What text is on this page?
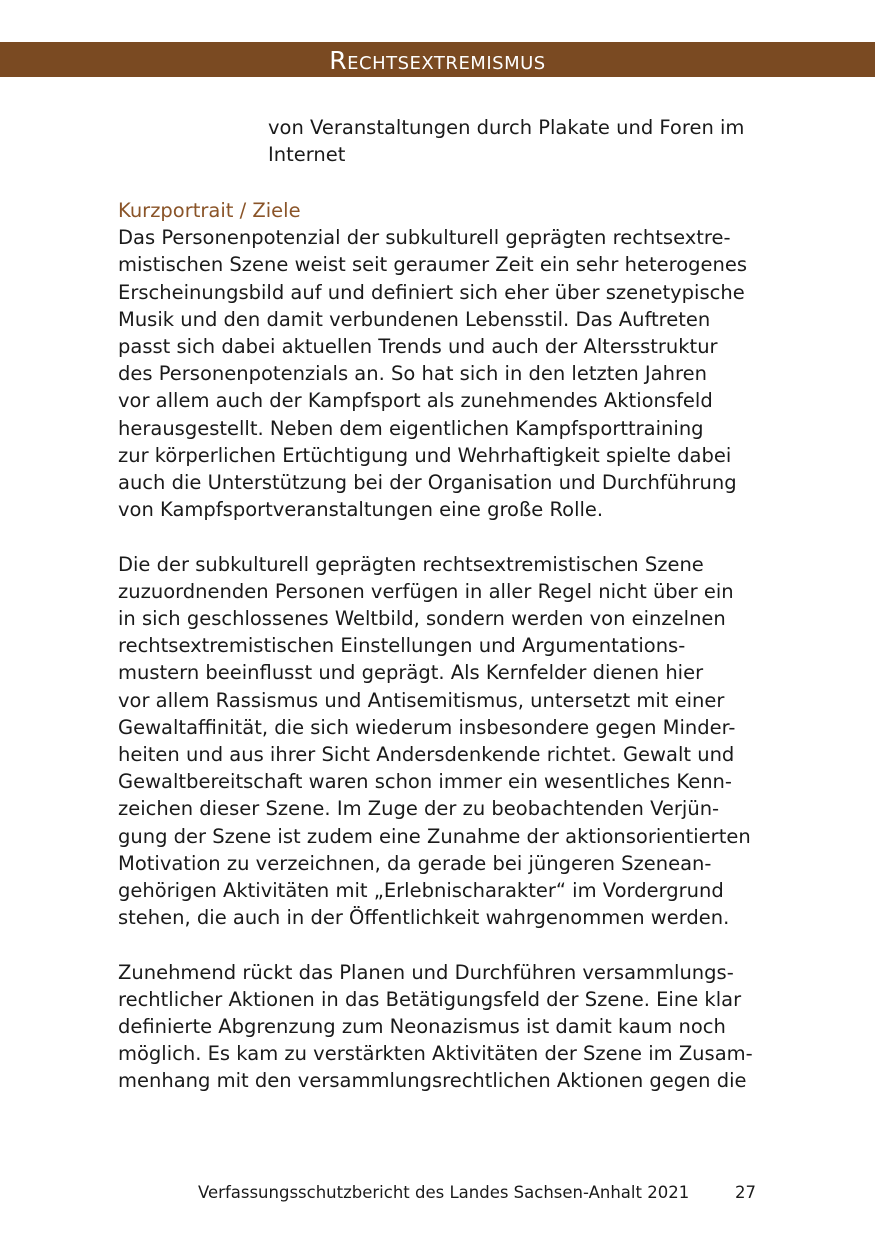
Rechtsextremismus

von Veranstaltungen durch Plakate und Foren im
Internet

Kurzportrait / Ziele

Das Personenpotenzial der subkulturell geprägten rechtsextre-
mistischen Szene weist seit geraumer Zeit ein sehr heterogenes
Erscheinungsbild auf und definiert sich eher über szenetypische
Musik und den damit verbundenen Lebensstil. Das Auftreten
passt sich dabei aktuellen Trends und auch der Altersstruktur
des Personenpotenzials an. So hat sich in den letzten Jahren
vor allem auch der Kampfsport als zunehmendes Aktionsfeld
herausgestellt. Neben dem eigentlichen Kampfsporttraining
zur körperlichen Ertüchtigung und Wehrhaftigkeit spielte dabei
auch die Unterstützung bei der Organisation und Durchführung
von Kampfsportveranstaltungen eine große Rolle.

Die der subkulturell geprägten rechtsextremistischen Szene
zuzuordnenden Personen verfügen in aller Regel nicht über ein
in sich geschlossenes Weltbild, sondern werden von einzelnen
rechtsextremistischen Einstellungen und Argumentations-
mustern beeinflusst und geprägt. Als Kernfelder dienen hier
vor allem Rassismus und Antisemitismus, untersetzt mit einer
Gewaltaffinität, die sich wiederum insbesondere gegen Minder-
heiten und aus ihrer Sicht Andersdenkende richtet. Gewalt und
Gewaltbereitschaft waren schon immer ein wesentliches Kenn-
zeichen dieser Szene. Im Zuge der zu beobachtenden Verjün-
gung der Szene ist zudem eine Zunahme der aktionsorientierten
Motivation zu verzeichnen, da gerade bei jüngeren Szenean-
gehörigen Aktivitäten mit „Erlebnischarakter“ im Vordergrund
stehen, die auch in der Öffentlichkeit wahrgenommen werden.

Zunehmend rückt das Planen und Durchführen versammlungs-
rechtlicher Aktionen in das Betätigungsfeld der Szene. Eine klar
definierte Abgrenzung zum Neonazismus ist damit kaum noch
möglich. Es kam zu verstärkten Aktivitäten der Szene im Zusam-
menhang mit den versammlungsrechtlichen Aktionen gegen die

Verfassungsschutzbericht des Landes Sachsen-Anhalt 2021	27
